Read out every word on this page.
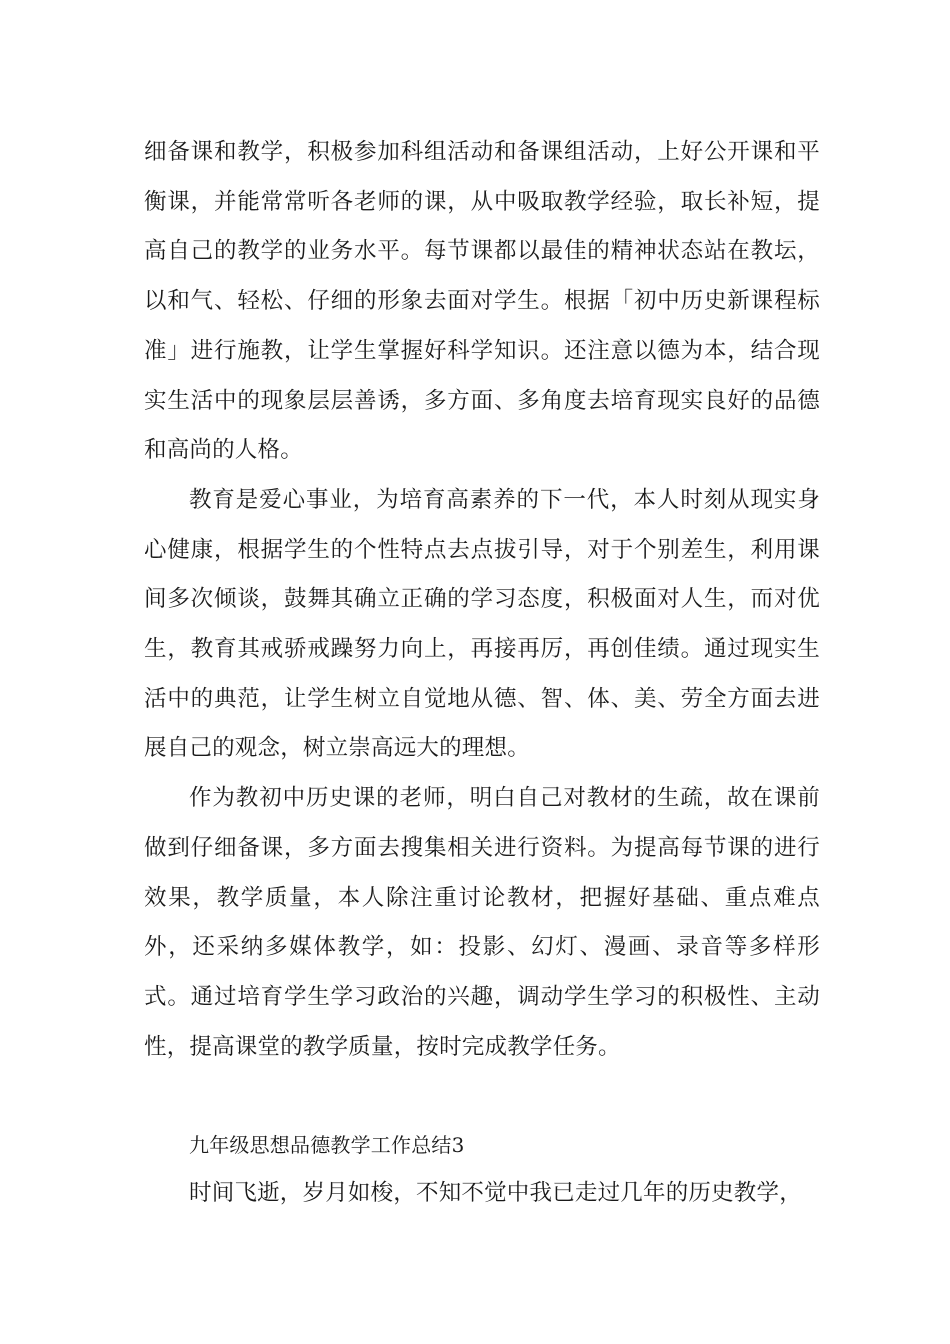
细备课和教学，积极参加科组活动和备课组活动，上好公开课和平衡课，并能常常听各老师的课，从中吸取教学经验，取长补短，提高自己的教学的业务水平。每节课都以最佳的精神状态站在教坛，以和气、轻松、仔细的形象去面对学生。根据「初中历史新课程标准」进行施教，让学生掌握好科学知识。还注意以德为本，结合现实生活中的现象层层善诱，多方面、多角度去培育现实良好的品德和高尚的人格。

教育是爱心事业，为培育高素养的下一代，本人时刻从现实身心健康，根据学生的个性特点去点拔引导，对于个别差生，利用课间多次倾谈，鼓舞其确立正确的学习态度，积极面对人生，而对优生，教育其戒骄戒躁努力向上，再接再厉，再创佳绩。通过现实生活中的典范，让学生树立自觉地从德、智、体、美、劳全方面去进展自己的观念，树立崇高远大的理想。

作为教初中历史课的老师，明白自己对教材的生疏，故在课前做到仔细备课，多方面去搜集相关进行资料。为提高每节课的进行效果，教学质量，本人除注重讨论教材，把握好基础、重点难点外，还采纳多媒体教学，如：投影、幻灯、漫画、录音等多样形式。通过培育学生学习政治的兴趣，调动学生学习的积极性、主动性，提高课堂的教学质量，按时完成教学任务。

九年级思想品德教学工作总结3

时间飞逝，岁月如梭，不知不觉中我已走过几年的历史教学，
